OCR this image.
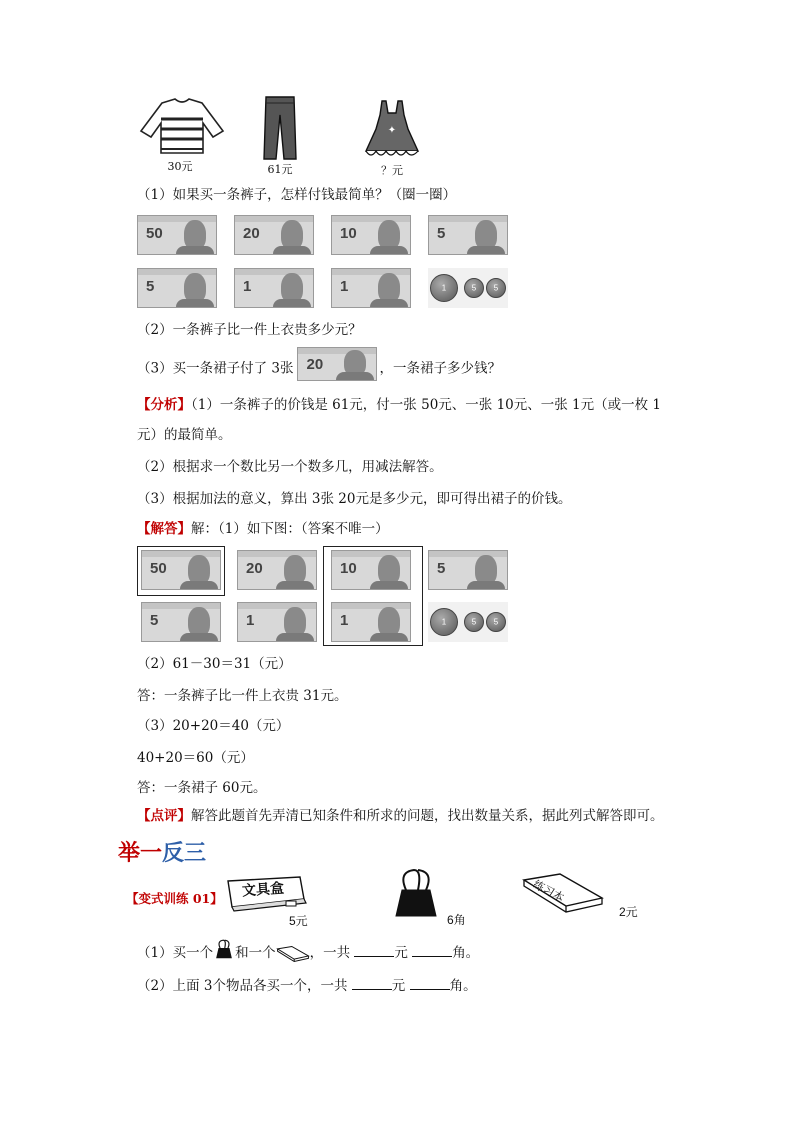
30元	61元
✦
？元
（1）如果买一条裤子，怎样付钱最简单？（圈一圈）
50	20	10	5
5	1	1	1	5	5
（2）一条裤子比一件上衣贵多少元？
（3）买一条裙子付了 3张 20	，一条裙子多少钱？
【分析】（1）一条裤子的价钱是 61元，付一张 50元、一张 10元、一张 1元（或一枚 1
元）的最简单。
（2）根据求一个数比另一个数多几，用减法解答。
（3）根据加法的意义，算出 3张 20元是多少元，即可得出裙子的价钱。
【解答】解：（1）如下图：（答案不唯一）
50	20	10	5
5	1	1	1	5	5
（2）61－30＝31（元）
答：一条裤子比一件上衣贵 31元。
（3）20+20＝40（元）
40+20＝60（元）
答：一条裙子 60元。
【点评】解答此题首先弄清已知条件和所求的问题，找出数量关系，据此列式解答即可。
举一反三
【变式训练 01】 文具盒
5元	6角
练习本
2元
（1）买一个 和一个	，一共	元	角。
（2）上面 3个物品各买一个，一共	元	角。
